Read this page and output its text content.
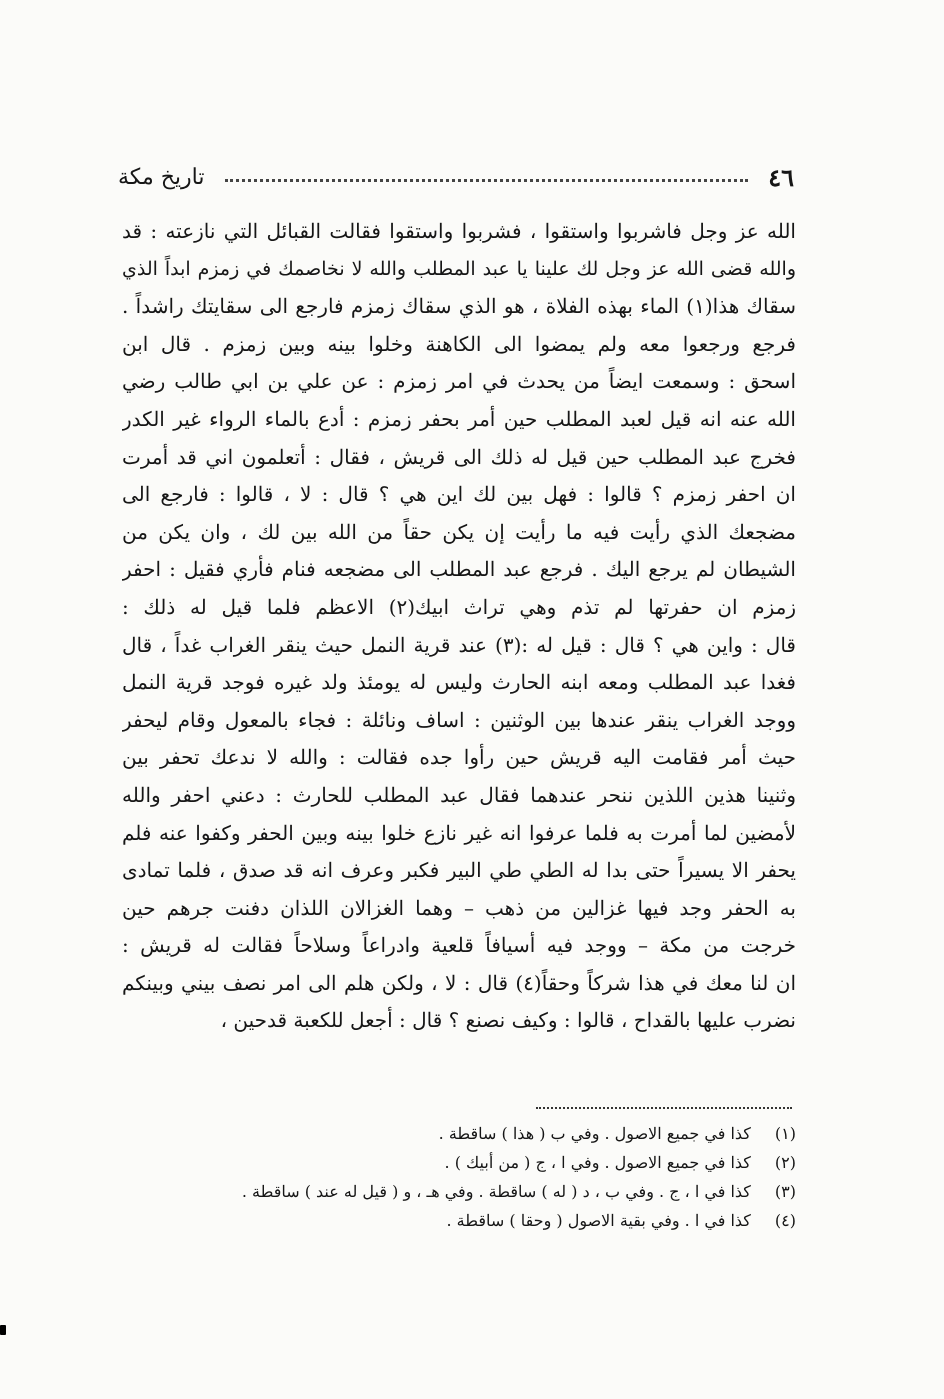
٤٦
تاريخ مكة
الله عز وجل فاشربوا واستقوا ، فشربوا واستقوا فقالت القبائل التي نازعته : قد
والله قضى الله عز وجل لك علينا يا عبد المطلب والله لا نخاصمك في زمزم ابداً الذي
سقاك هذا(١) الماء بهذه الفلاة ، هو الذي سقاك زمزم فارجع الى سقايتك راشداً .
فرجع ورجعوا معه ولم يمضوا الى الكاهنة وخلوا بينه وبين زمزم . قال ابن
اسحق : وسمعت ايضاً من يحدث في امر زمزم : عن علي بن ابي طالب رضي
الله عنه انه قيل لعبد المطلب حين أمر بحفر زمزم : أدع بالماء الرواء غير الكدر
فخرج عبد المطلب حين قيل له ذلك الى قريش ، فقال : أتعلمون اني قد أمرت
ان احفر زمزم ؟ قالوا : فهل بين لك اين هي ؟ قال : لا ، قالوا : فارجع الى
مضجعك الذي رأيت فيه ما رأيت إن يكن حقاً من الله بين لك ، وان يكن من
الشيطان لم يرجع اليك . فرجع عبد المطلب الى مضجعه فنام فأري فقيل : احفر
زمزم ان حفرتها لم تذم وهي تراث ابيك(٢) الاعظم فلما قيل له ذلك :
قال : واين هي ؟ قال : قيل له :(٣) عند قرية النمل حيث ينقر الغراب غداً ، قال
فغدا عبد المطلب ومعه ابنه الحارث وليس له يومئذ ولد غيره فوجد قرية النمل
ووجد الغراب ينقر عندها بين الوثنين : اساف ونائلة : فجاء بالمعول وقام ليحفر
حيث أمر فقامت اليه قريش حين رأوا جده فقالت : والله لا ندعك تحفر بين
وثنينا هذين اللذين ننحر عندهما فقال عبد المطلب للحارث : دعني احفر والله
لأمضين لما أمرت به فلما عرفوا انه غير نازع خلوا بينه وبين الحفر وكفوا عنه فلم
يحفر الا يسيراً حتى بدا له الطي طي البير فكبر وعرف انه قد صدق ، فلما تمادى
به الحفر وجد فيها غزالين من ذهب – وهما الغزالان اللذان دفنت جرهم حين
خرجت من مكة – ووجد فيه أسيافاً قلعية وادراعاً وسلاحاً فقالت له قريش :
ان لنا معك في هذا شركاً وحقاً(٤) قال : لا ، ولكن هلم الى امر نصف بيني وبينكم
نضرب عليها بالقداح ، قالوا : وكيف نصنع ؟ قال : أجعل للكعبة قدحين ،
(١) كذا في جميع الاصول . وفي ب ( هذا ) ساقطة .
(٢) كذا في جميع الاصول . وفي ا ، ج ( من أبيك ) .
(٣) كذا في ا ، ج . وفي ب ، د ( له ) ساقطة . وفي هـ ، و ( قيل له عند ) ساقطة .
(٤) كذا في ا . وفي بقية الاصول ( وحقا ) ساقطة .
